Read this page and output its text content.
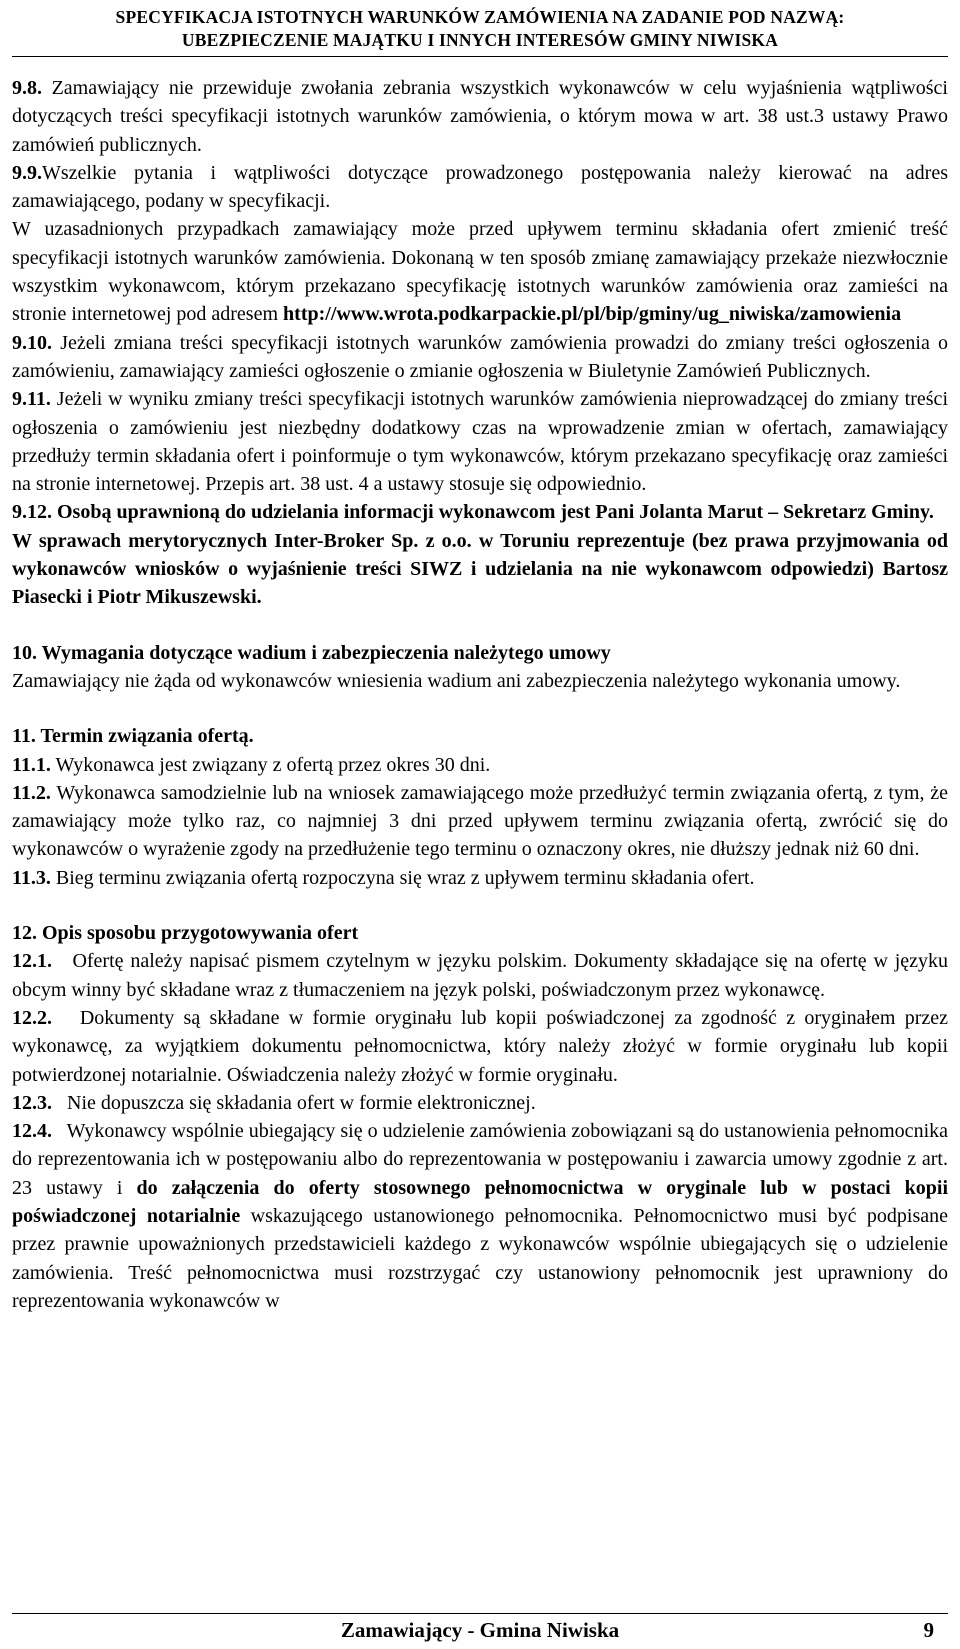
SPECYFIKACJA ISTOTNYCH WARUNKÓW ZAMÓWIENIA NA ZADANIE POD NAZWĄ:
UBEZPIECZENIE MAJĄTKU I INNYCH INTERESÓW GMINY NIWISKA

9.8. Zamawiający nie przewiduje zwołania zebrania wszystkich wykonawców w celu wyjaśnienia wątpliwości dotyczących treści specyfikacji istotnych warunków zamówienia, o którym mowa w art. 38 ust.3 ustawy Prawo zamówień publicznych.

9.9.Wszelkie pytania i wątpliwości dotyczące prowadzonego postępowania należy kierować na adres zamawiającego, podany w specyfikacji.

W uzasadnionych przypadkach zamawiający może przed upływem terminu składania ofert zmienić treść specyfikacji istotnych warunków zamówienia. Dokonaną w ten sposób zmianę zamawiający przekaże niezwłocznie wszystkim wykonawcom, którym przekazano specyfikację istotnych warunków zamówienia oraz zamieści na stronie internetowej pod adresem http://www.wrota.podkarpackie.pl/pl/bip/gminy/ug_niwiska/zamowienia

9.10. Jeżeli zmiana treści specyfikacji istotnych warunków zamówienia prowadzi do zmiany treści ogłoszenia o zamówieniu, zamawiający zamieści ogłoszenie o zmianie ogłoszenia w Biuletynie Zamówień Publicznych.

9.11. Jeżeli w wyniku zmiany treści specyfikacji istotnych warunków zamówienia nieprowadzącej do zmiany treści ogłoszenia o zamówieniu jest niezbędny dodatkowy czas na wprowadzenie zmian w ofertach, zamawiający przedłuży termin składania ofert i poinformuje o tym wykonawców, którym przekazano specyfikację oraz zamieści na stronie internetowej. Przepis art. 38 ust. 4 a ustawy stosuje się odpowiednio.

9.12. Osobą uprawnioną do udzielania informacji wykonawcom jest Pani Jolanta Marut – Sekretarz Gminy.

W sprawach merytorycznych Inter-Broker Sp. z o.o. w Toruniu reprezentuje (bez prawa przyjmowania od wykonawców wniosków o wyjaśnienie treści SIWZ i udzielania na nie wykonawcom odpowiedzi) Bartosz Piasecki i Piotr Mikuszewski.

10. Wymagania dotyczące wadium i zabezpieczenia należytego umowy

Zamawiający nie żąda od wykonawców wniesienia wadium ani zabezpieczenia należytego wykonania umowy.

11. Termin związania ofertą.

11.1. Wykonawca jest związany z ofertą przez okres 30 dni.

11.2. Wykonawca samodzielnie lub na wniosek zamawiającego może przedłużyć termin związania ofertą, z tym, że zamawiający może tylko raz, co najmniej 3 dni przed upływem terminu związania ofertą, zwrócić się do wykonawców o wyrażenie zgody na przedłużenie tego terminu o oznaczony okres, nie dłuższy jednak niż 60 dni.

11.3. Bieg terminu związania ofertą rozpoczyna się wraz z upływem terminu składania ofert.

12. Opis sposobu przygotowywania ofert

12.1. Ofertę należy napisać pismem czytelnym w języku polskim. Dokumenty składające się na ofertę w języku obcym winny być składane wraz z tłumaczeniem na język polski, poświadczonym przez wykonawcę.

12.2. Dokumenty są składane w formie oryginału lub kopii poświadczonej za zgodność z oryginałem przez wykonawcę, za wyjątkiem dokumentu pełnomocnictwa, który należy złożyć w formie oryginału lub kopii potwierdzonej notarialnie. Oświadczenia należy złożyć w formie oryginału.

12.3. Nie dopuszcza się składania ofert w formie elektronicznej.

12.4. Wykonawcy wspólnie ubiegający się o udzielenie zamówienia zobowiązani są do ustanowienia pełnomocnika do reprezentowania ich w postępowaniu albo do reprezentowania w postępowaniu i zawarcia umowy zgodnie z art. 23 ustawy i do załączenia do oferty stosownego pełnomocnictwa w oryginale lub w postaci kopii poświadczonej notarialnie wskazującego ustanowionego pełnomocnika. Pełnomocnictwo musi być podpisane przez prawnie upoważnionych przedstawicieli każdego z wykonawców wspólnie ubiegających się o udzielenie zamówienia. Treść pełnomocnictwa musi rozstrzygać czy ustanowiony pełnomocnik jest uprawniony do reprezentowania wykonawców w

Zamawiający - Gmina Niwiska	9
